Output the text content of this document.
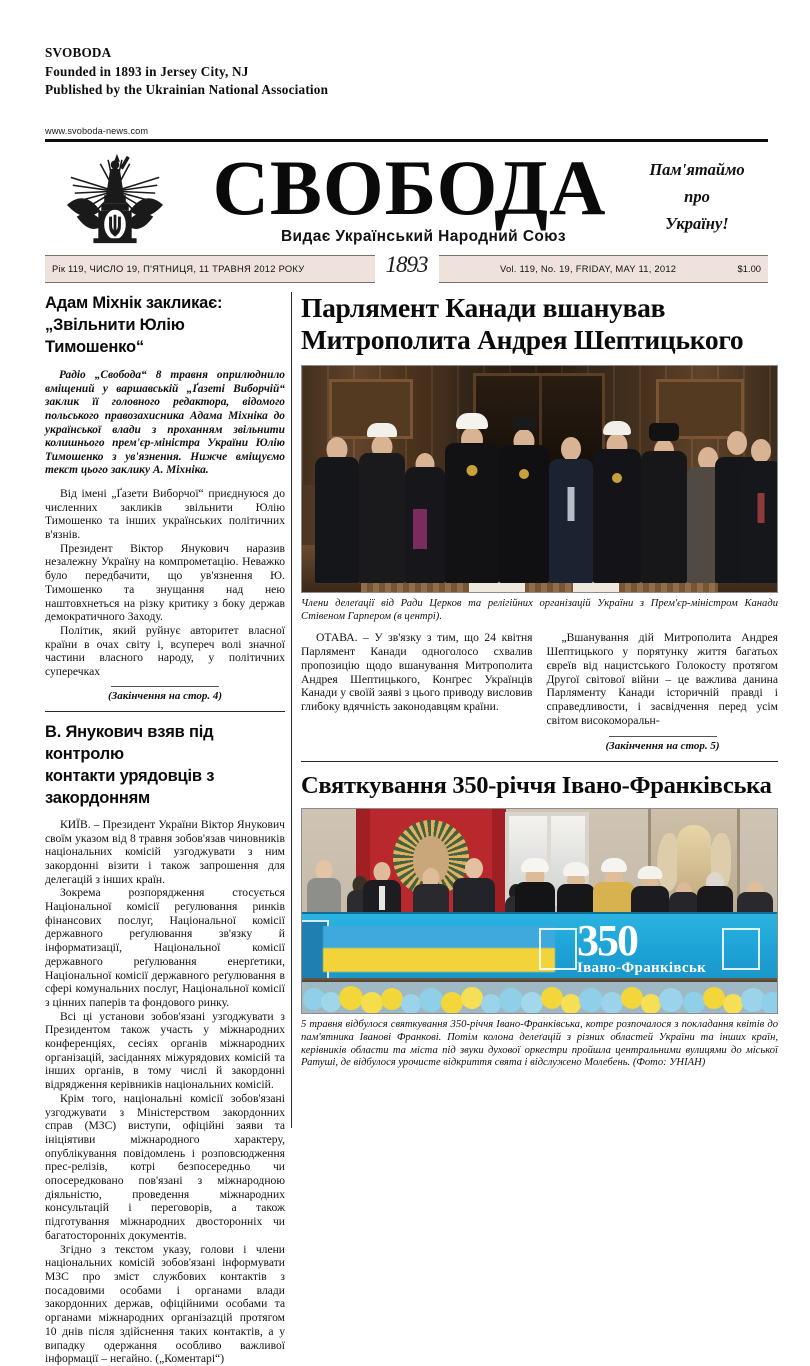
SVOBODA
Founded in 1893 in Jersey City, NJ
Published by the Ukrainian National Association
www.svoboda-news.com
СВОБОДА
Видає Український Народний Союз
Пам'ятаймо
про
Україну!
Рік 119, ЧИСЛО 19, П'ЯТНИЦЯ, 11 ТРАВНЯ 2012 РОКУ	Vol. 119, No. 19, FRIDAY, MAY 11, 2012	$1.00
1893
Адам Міхнік закликає:
„Звільнити Юлію Тимошенко“
Радіо „Свобода“ 8 травня оприлюднило вміщений у варшавській „Ґазеті Виборчій“ заклик її головного редактора, відомого польського правозахисника Адама Міхніка до української влади з проханням звільнити колишнього прем'єр-міністра України Юлію Тимошенко з ув'язнення. Нижче вміщуємо текст цього заклику А. Міхніка.

Від імені „Ґазети Виборчої“ приєднуюся до численних закликів звільнити Юлію Тимошенко та інших українських політичних в'язнів.

Президент Віктор Янукович наразив незалежну Україну на компрометацію. Неважко було передбачити, що ув'язнення Ю. Тимошенко та знущання над нею наштовхнеться на різку критику з боку держав демократичного Заходу.

Політик, який руйнує авторитет власної країни в очах світу і, всупереч волі значної частини власного народу, у політичних суперечках

(Закінчення на стор. 4)
В. Янукович взяв під контролю
контакти урядовців з закордонням

КИЇВ. – Президент України Віктор Янукович своїм указом від 8 травня зобов'язав чиновників національних комісій узгоджувати з ним закордонні візити і також запрошення для делегацій з інших країн.

Зокрема розпорядження стосується Національної комісії реґулювання ринків фінансових послуг, Національної комісії державного реґулювання зв'язку й інформатизації, Національної комісії державного реґулювання енерґетики, Національної комісії державного реґулювання в сфері комунальних послуг, Національної комісії з цінних паперів та фондового ринку.

Всі ці установи зобов'язані узгоджувати з Президентом також участь у міжнародних конференціях, сесіях органів міжнародних організацій, засіданнях міжурядових комісій та інших органів, в тому числі й закордонні відрядження керівників національних комісій.

Крім того, національні комісії зобов'язані узгоджувати з Міністерством закордонних справ (МЗС) виступи, офіційні заяви та ініціятиви міжнародного характеру, опублікування повідомлень і розповсюдження прес-релізів, котрі безпосередньо чи опосередковано пов'язані з міжнародною діяльністю, проведення міжнародних консультацій і переговорів, а також підготування міжнародних двосторонніх чи багатосторонніх документів.

Згідно з текстом указу, голови і члени національних комісій зобов'язані інформувати МЗС про зміст службових контактів з посадовими особами і органами влади закордонних держав, офіційними особами та органами міжнародних організаzцій протягом 10 днів після здійснення таких контактів, а у випадку одержання особливо важливої інформації – негайно. („Коментарі“)

Парлямент Канади вшанував
Митрополита Андрея Шептицького
Члени делеґації від Ради Церков та релігійних організацій України з Прем'єр-міністром Канади Стівеном Гарпером (в центрі).

ОТАВА. – У зв'язку з тим, що 24 квітня Парлямент Канади одноголосо схвалив пропозицію щодо вшанування Митрополита Андрея Шептицького, Конґрес Українців Канади у своїй заяві з цього приводу висловив глибоку вдячність законодавцям країни.

„Вшанування дій Митрополита Андрея Шептицького у порятунку життя багатьох євреїв від нацистського Голокосту протягом Другої світової війни – це важлива данина Парляменту Канади історичній правді і справедливости, і засвідчення перед усім світом високоморальн-

(Закінчення на стор. 5)
Святкування 350-річчя Івано-Франківська
350
Івано-Франківськ
5 травня відбулося святкування 350-річчя Івано-Франківська, котре розпочалося з покладання квітів до пам'ятника Іванові Франкові. Потім колона делеґацій з різних областей України та інших країн, керівників области та міста під звуки духової оркестри пройшла центральними вулицями до міської Ратуші, де відбулося урочисте відкриття свята і відслужено Молебень. (Фото: УНІАН)
